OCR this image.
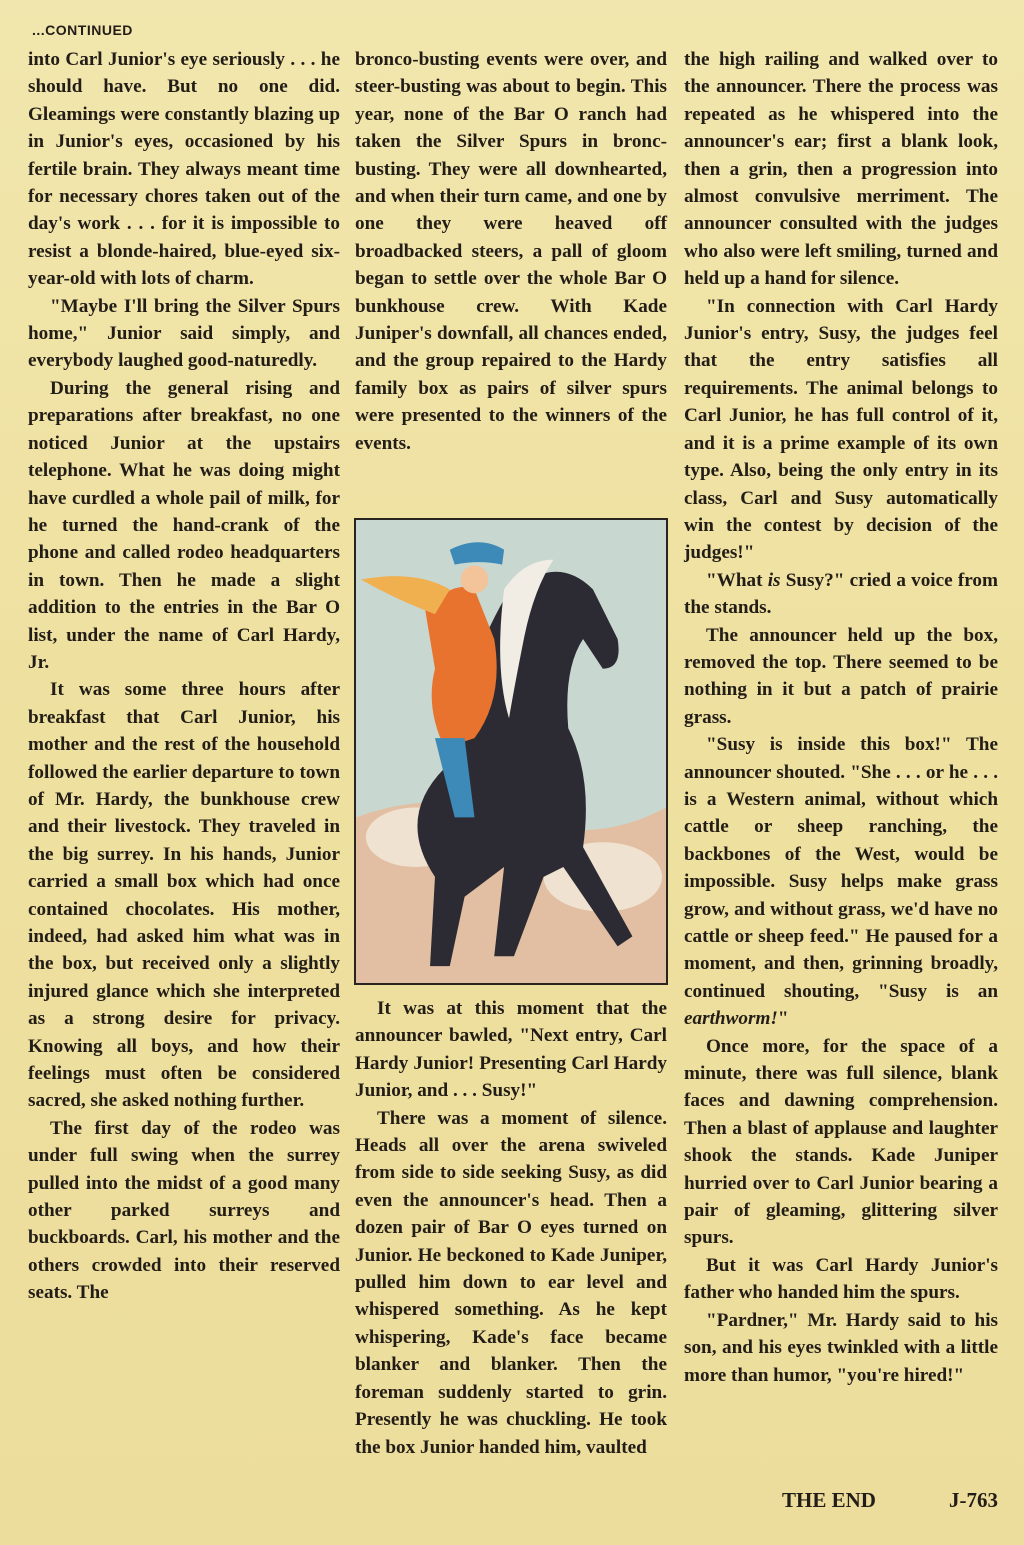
...CONTINUED

into Carl Junior's eye seriously . . . he should have. But no one did. Gleamings were constantly blazing up in Junior's eyes, occasioned by his fertile brain. They always meant time for necessary chores taken out of the day's work . . . for it is impossible to resist a blonde-haired, blue-eyed six-year-old with lots of charm.

"Maybe I'll bring the Silver Spurs home," Junior said simply, and everybody laughed good-naturedly.

During the general rising and preparations after breakfast, no one noticed Junior at the upstairs telephone. What he was doing might have curdled a whole pail of milk, for he turned the hand-crank of the phone and called rodeo headquarters in town. Then he made a slight addition to the entries in the Bar O list, under the name of Carl Hardy, Jr.

It was some three hours after breakfast that Carl Junior, his mother and the rest of the household followed the earlier departure to town of Mr. Hardy, the bunkhouse crew and their livestock. They traveled in the big surrey. In his hands, Junior carried a small box which had once contained chocolates. His mother, indeed, had asked him what was in the box, but received only a slightly injured glance which she interpreted as a strong desire for privacy. Knowing all boys, and how their feelings must often be considered sacred, she asked nothing further.

The first day of the rodeo was under full swing when the surrey pulled into the midst of a good many other parked surreys and buckboards. Carl, his mother and the others crowded into their reserved seats. The

bronco-busting events were over, and steer-busting was about to begin. This year, none of the Bar O ranch had taken the Silver Spurs in bronc-busting. They were all downhearted, and when their turn came, and one by one they were heaved off broadbacked steers, a pall of gloom began to settle over the whole Bar O bunkhouse crew. With Kade Juniper's downfall, all chances ended, and the group repaired to the Hardy family box as pairs of silver spurs were presented to the winners of the events.

It was at this moment that the announcer bawled, "Next entry, Carl Hardy Junior! Presenting Carl Hardy Junior, and . . . Susy!"

There was a moment of silence. Heads all over the arena swiveled from side to side seeking Susy, as did even the announcer's head. Then a dozen pair of Bar O eyes turned on Junior. He beckoned to Kade Juniper, pulled him down to ear level and whispered something. As he kept whispering, Kade's face became blanker and blanker. Then the foreman suddenly started to grin. Presently he was chuckling. He took the box Junior handed him, vaulted

the high railing and walked over to the announcer. There the process was repeated as he whispered into the announcer's ear; first a blank look, then a grin, then a progression into almost convulsive merriment. The announcer consulted with the judges who also were left smiling, turned and held up a hand for silence.

"In connection with Carl Hardy Junior's entry, Susy, the judges feel that the entry satisfies all requirements. The animal belongs to Carl Junior, he has full control of it, and it is a prime example of its own type. Also, being the only entry in its class, Carl and Susy automatically win the contest by decision of the judges!"

"What is Susy?" cried a voice from the stands.

The announcer held up the box, removed the top. There seemed to be nothing in it but a patch of prairie grass.

"Susy is inside this box!" The announcer shouted. "She . . . or he . . . is a Western animal, without which cattle or sheep ranching, the backbones of the West, would be impossible. Susy helps make grass grow, and without grass, we'd have no cattle or sheep feed." He paused for a moment, and then, grinning broadly, continued shouting, "Susy is an earthworm!"

Once more, for the space of a minute, there was full silence, blank faces and dawning comprehension. Then a blast of applause and laughter shook the stands. Kade Juniper hurried over to Carl Junior bearing a pair of gleaming, glittering silver spurs.

But it was Carl Hardy Junior's father who handed him the spurs.

"Pardner," Mr. Hardy said to his son, and his eyes twinkled with a little more than humor, "you're hired!"

THE END	J-763
